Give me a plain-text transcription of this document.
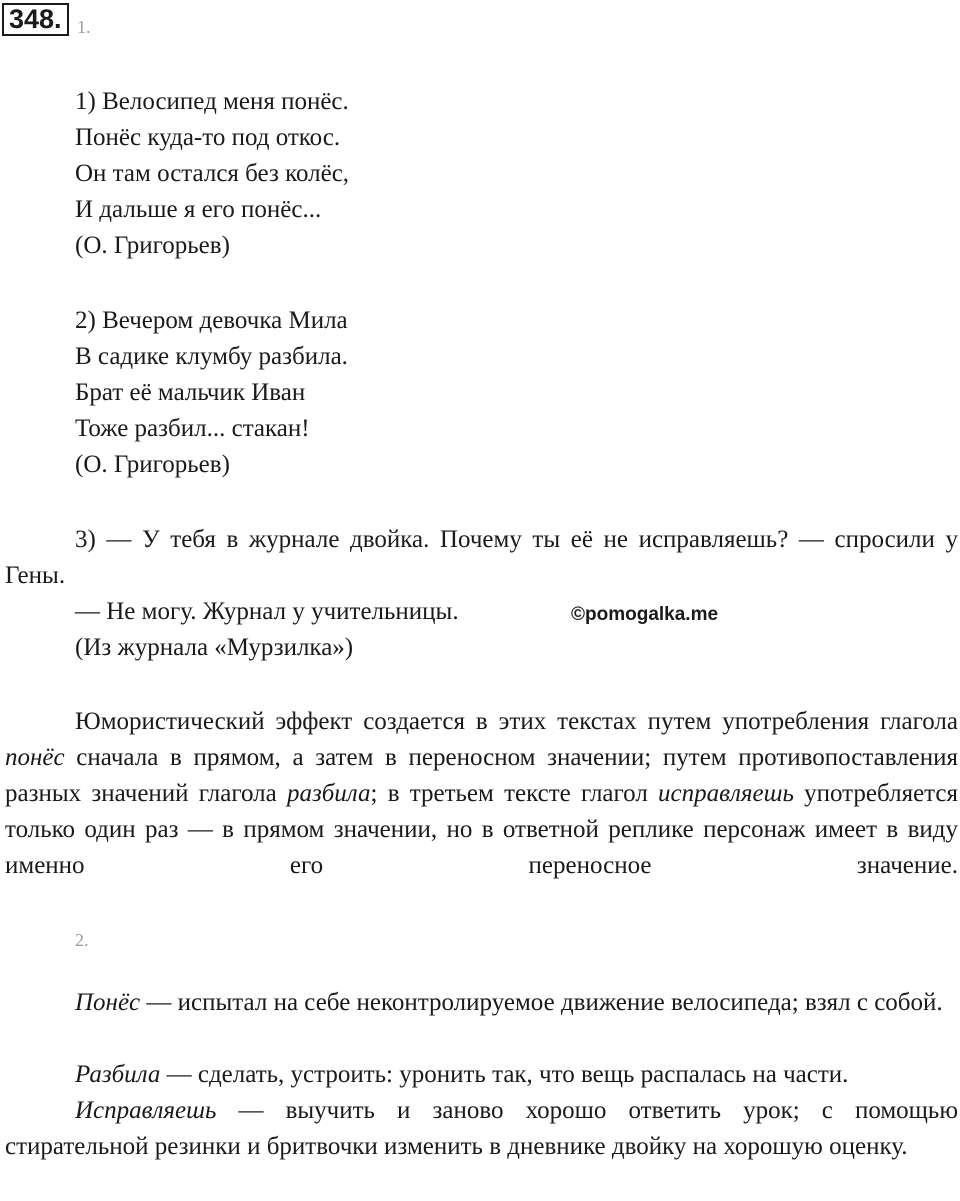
348. 1.
1) Велосипед меня понёс.
Понёс куда-то под откос.
Он там остался без колёс,
И дальше я его понёс...
(О. Григорьев)
2) Вечером девочка Мила
В садике клумбу разбила.
Брат её мальчик Иван
Тоже разбил... стакан!
(О. Григорьев)
3) — У тебя в журнале двойка. Почему ты её не исправляешь? — спросили у Гены.
— Не могу. Журнал у учительницы.
(Из журнала «Мурзилка»)
©pomogalka.me
Юмористический эффект создается в этих текстах путем употребления глагола понёс сначала в прямом, а затем в переносном значении; путем противопоставления разных значений глагола разбила; в третьем тексте глагол исправляешь употребляется только один раз — в прямом значении, но в ответной реплике персонаж имеет в виду именно его переносное значение.
2.
Понёс — испытал на себе неконтролируемое движение велосипеда; взял с собой.
Разбила — сделать, устроить: уронить так, что вещь распалась на части.
Исправляешь — выучить и заново хорошо ответить урок; с помощью стирательной резинки и бритвочки изменить в дневнике двойку на хорошую оценку.
